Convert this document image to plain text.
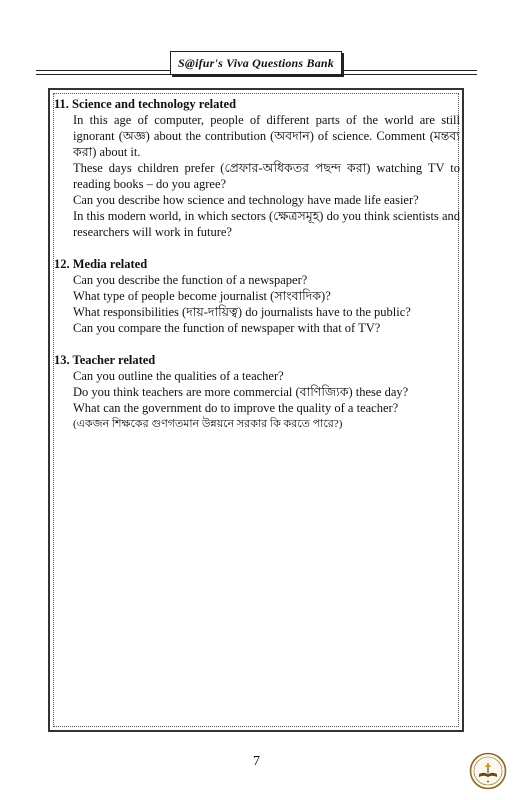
S@ifur's Viva Questions Bank

11. Science and technology related

In this age of computer, people of different parts of the world are still ignorant (অজ্ঞ) about the contribution (অবদান) of science. Comment (মন্তব্য করা) about it.

These days children prefer (প্রেফার-অধিকতর পছন্দ করা) watching TV to reading books – do you agree?

Can you describe how science and technology have made life easier?

In this modern world, in which sectors (ক্ষেত্রসমূহ) do you think scientists and researchers will work in future?

12. Media related

Can you describe the function of a newspaper?

What type of people become journalist (সাংবাদিক)?

What responsibilities (দায়-দায়িত্ব) do journalists have to the public?

Can you compare the function of newspaper with that of TV?

13. Teacher related

Can you outline the qualities of a teacher?

Do you think teachers are more commercial (বাণিজ্যিক) these day?

What can the government do to improve the quality of a teacher?

(একজন শিক্ষকের গুণগতমান উন্নয়নে সরকার কি করতে পারে?)

7
